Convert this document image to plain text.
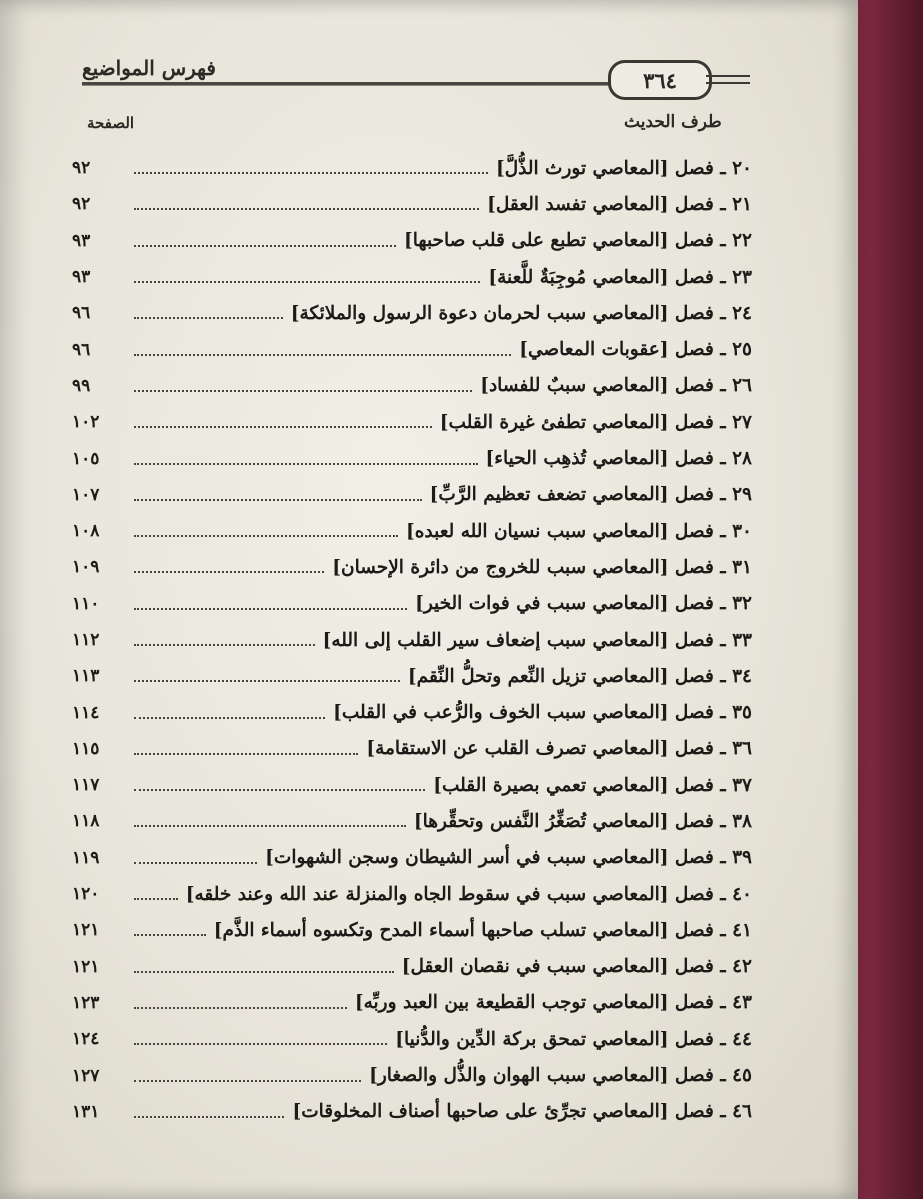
فهرس المواضيع	٣٦٤
الصفحة	طرف الحديث
٢٠ ـ فصل [المعاصي تورث الذُّلَّ]
٩٢
٢١ ـ فصل [المعاصي تفسد العقل]
٩٢
٢٢ ـ فصل [المعاصي تطبع على قلب صاحبها]
٩٣
٢٣ ـ فصل [المعاصي مُوجِبَةٌ للَّعنة]
٩٣
٢٤ ـ فصل [المعاصي سبب لحرمان دعوة الرسول والملائكة]
٩٦
٢٥ ـ فصل [عقوبات المعاصي]
٩٦
٢٦ ـ فصل [المعاصي سببٌ للفساد]
٩٩
٢٧ ـ فصل [المعاصي تطفئ غيرة القلب]
١٠٢
٢٨ ـ فصل [المعاصي تُذهِب الحياء]
١٠٥
٢٩ ـ فصل [المعاصي تضعف تعظيم الرَّبِّ]
١٠٧
٣٠ ـ فصل [المعاصي سبب نسيان الله لعبده]
١٠٨
٣١ ـ فصل [المعاصي سبب للخروج من دائرة الإحسان]
١٠٩
٣٢ ـ فصل [المعاصي سبب في فوات الخير]
١١٠
٣٣ ـ فصل [المعاصي سبب إضعاف سير القلب إلى الله]
١١٢
٣٤ ـ فصل [المعاصي تزيل النِّعم وتحلُّ النِّقم]
١١٣
٣٥ ـ فصل [المعاصي سبب الخوف والرُّعب في القلب]
١١٤
٣٦ ـ فصل [المعاصي تصرف القلب عن الاستقامة]
١١٥
٣٧ ـ فصل [المعاصي تعمي بصيرة القلب]
١١٧
٣٨ ـ فصل [المعاصي تُصَغِّرُ النَّفس وتحقِّرها]
١١٨
٣٩ ـ فصل [المعاصي سبب في أسر الشيطان وسجن الشهوات]
١١٩
٤٠ ـ فصل [المعاصي سبب في سقوط الجاه والمنزلة عند الله وعند خلقه]
١٢٠
٤١ ـ فصل [المعاصي تسلب صاحبها أسماء المدح وتكسوه أسماء الذَّم]
١٢١
٤٢ ـ فصل [المعاصي سبب في نقصان العقل]
١٢١
٤٣ ـ فصل [المعاصي توجب القطيعة بين العبد وربِّه]
١٢٣
٤٤ ـ فصل [المعاصي تمحق بركة الدِّين والدُّنيا]
١٢٤
٤٥ ـ فصل [المعاصي سبب الهوان والذُّل والصغار]
١٢٧
٤٦ ـ فصل [المعاصي تجرِّئ على صاحبها أصناف المخلوقات]
١٣١
